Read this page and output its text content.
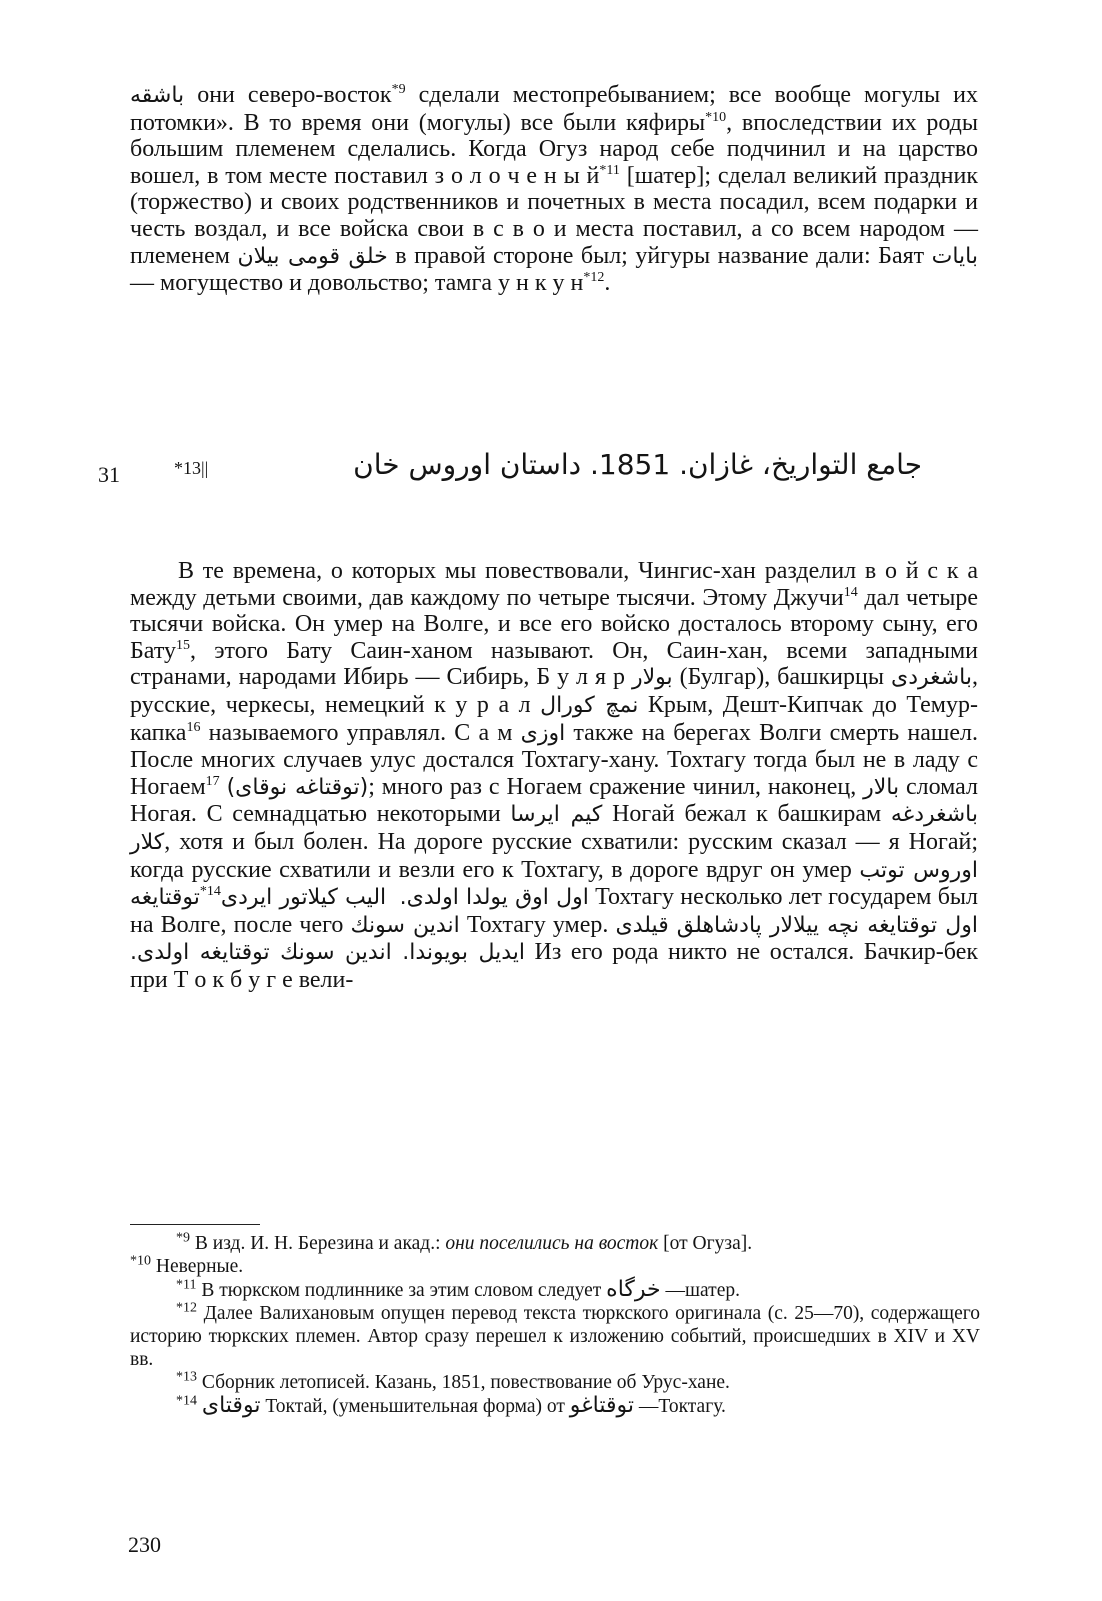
باشقه они северо-восток$^{*9}$ сделали местопребыванием; все вообще могулы их потомки». В то время они (могулы) все были кяфиры$^{*10}$, впоследствии их роды большим племенем сделались. Когда Огуз народ себе подчинил и на царство вошел, в том месте поставил з о л о ч е н ы $й^{*11}$ [шатер]; сделал великий праздник (торжество) и своих родственников и почетных в места посадил, всем подарки и честь воздал, и все войска свои в с в о и места поставил, а со всем народом — племенем خلق قومی بیلان в правой стороне был; уйгуры название дали: Баят بایات — могущество и довольство; тамга у н к у $н^{*12}$.
31	*13||	جامع التواريخ، غازان. 1851. داستان اوروس خان
В те времена, о которых мы повествовали, Чингис-хан разделил в о й с к а между детьми своими, дав каждому по четыре тысячи. Этому Джучи$^{14}$ дал четыре тысячи войска. Он умер на Волге, и все его войско досталось второму сыну, его Бату$^{15}$, этого Бату Саин-ханом называют. Он, Саин-хан, всеми западными странами, народами Ибирь — Сибирь, Б у л я р بولار (Булгар), башкирцы باشغردی, русские, черкесы, немецкий к у р а л نمچ کورال Крым, Дешт-Кипчак до Темур-капка$^{16}$ называемого управлял. С а м اوزی также на берегах Волги смерть нашел. После многих случаев улус достался Тохтагу-хану. Тохтагу тогда был не в ладу с Ногаем$^{17}$ (توقتاغه نوقای); много раз с Ногаем сражение чинил, наконец, بالار сломал Ногая. С семнадцатью некоторыми کیم ایرسا Ногай бежал к башкирам باشغردغه کلار, хотя и был болен. На дороге русские схватили: русским сказал — я Ногай; когда русские схватили и везли его к Тохтагу, в дороге вдруг он умер اوروس توتب توقتايغه$^{*14}$ الیب کیلاتور ایردی اول اوق یولدا اولدی. Тохтагу несколько лет государем был на Волге, после чего اندین سونك Тохтагу умер. اول توقتايغه نچه ییلالار پادشاهلق قیلدی ایدیل بویوندا. اندین سونك توقتايغه اولدی. Из его рода никто не остался. Бачкир-бек при Т о к б у г е вели-

$^{*9}$ В изд. И. Н. Березина и акад.: они поселились на восток [от Огуза].

$^{*10}$ Неверные.

$^{*11}$ В тюркском подлиннике за этим словом следует خرگاه —шатер.

$^{*12}$ Далее Валихановым опущен перевод текста тюркского оригинала (с. 25—70), содержащего историю тюркских племен. Автор сразу перешел к изложению событий, происшедших в XIV и XV вв.

$^{*13}$ Сборник летописей. Казань, 1851, повествование об Урус-хане.

$^{*14}$ توقتای Токтай, (уменьшительная форма) от توقتاغو —Токтагу.

230
